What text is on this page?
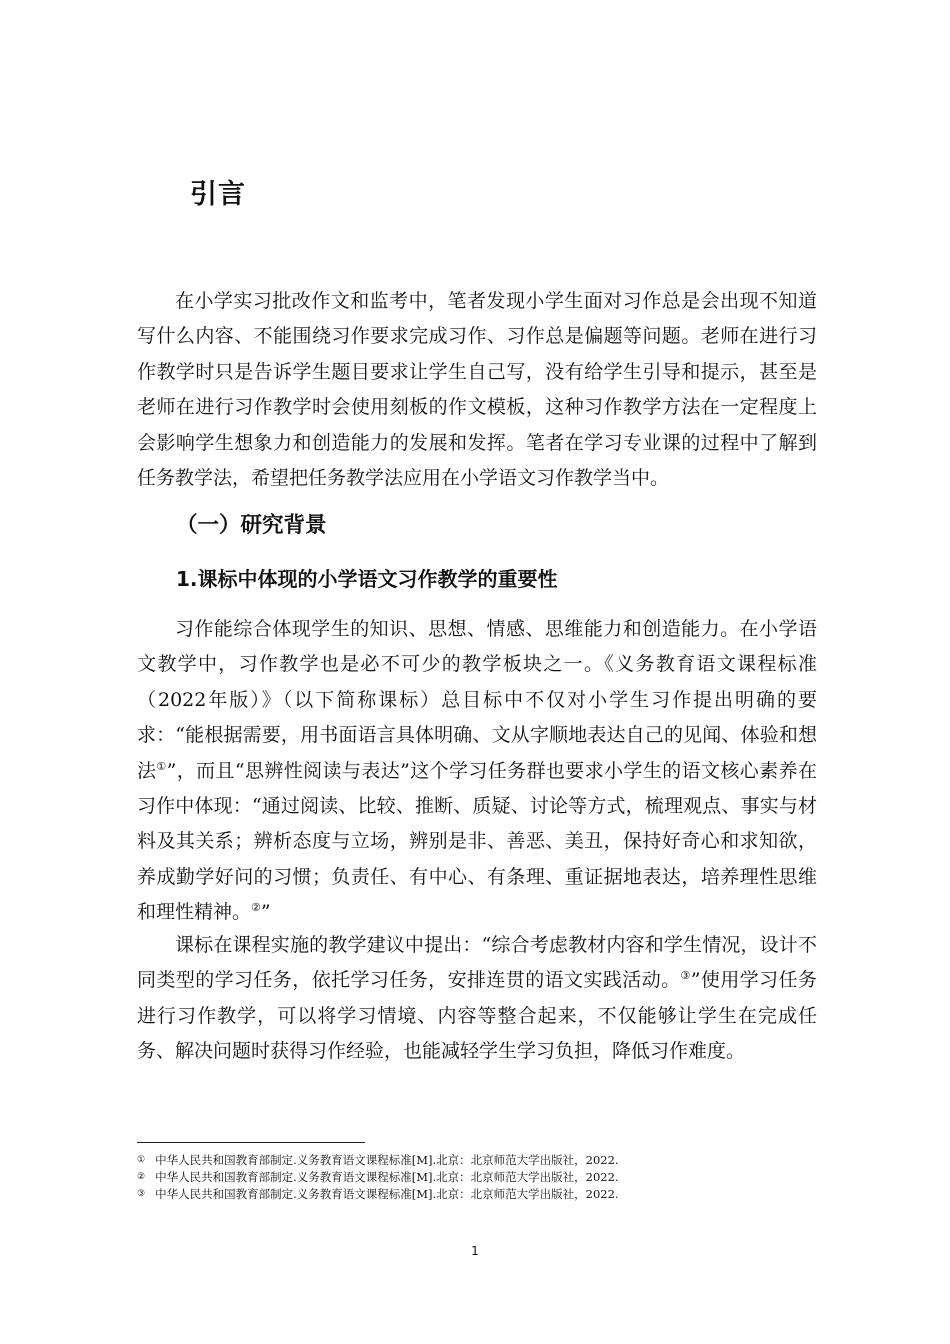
引言

在小学实习批改作文和监考中，笔者发现小学生面对习作总是会出现不知道写什么内容、不能围绕习作要求完成习作、习作总是偏题等问题。老师在进行习作教学时只是告诉学生题目要求让学生自己写，没有给学生引导和提示，甚至是老师在进行习作教学时会使用刻板的作文模板，这种习作教学方法在一定程度上会影响学生想象力和创造能力的发展和发挥。笔者在学习专业课的过程中了解到任务教学法，希望把任务教学法应用在小学语文习作教学当中。

（一）研究背景
1.课标中体现的小学语文习作教学的重要性

习作能综合体现学生的知识、思想、情感、思维能力和创造能力。在小学语文教学中，习作教学也是必不可少的教学板块之一。《义务教育语文课程标准（2022年版）》（以下简称课标）总目标中不仅对小学生习作提出明确的要求：“能根据需要，用书面语言具体明确、文从字顺地表达自己的见闻、体验和想法①”，而且“思辨性阅读与表达”这个学习任务群也要求小学生的语文核心素养在习作中体现：“通过阅读、比较、推断、质疑、讨论等方式，梳理观点、事实与材料及其关系；辨析态度与立场，辨别是非、善恶、美丑，保持好奇心和求知欲，养成勤学好问的习惯；负责任、有中心、有条理、重证据地表达，培养理性思维和理性精神。②”

课标在课程实施的教学建议中提出：“综合考虑教材内容和学生情况，设计不同类型的学习任务，依托学习任务，安排连贯的语文实践活动。③”使用学习任务进行习作教学，可以将学习情境、内容等整合起来，不仅能够让学生在完成任务、解决问题时获得习作经验，也能减轻学生学习负担，降低习作难度。

① 中华人民共和国教育部制定.义务教育语文课程标准[M].北京：北京师范大学出版社，2022.
② 中华人民共和国教育部制定.义务教育语文课程标准[M].北京：北京师范大学出版社，2022.
③ 中华人民共和国教育部制定.义务教育语文课程标准[M].北京：北京师范大学出版社，2022.
1
